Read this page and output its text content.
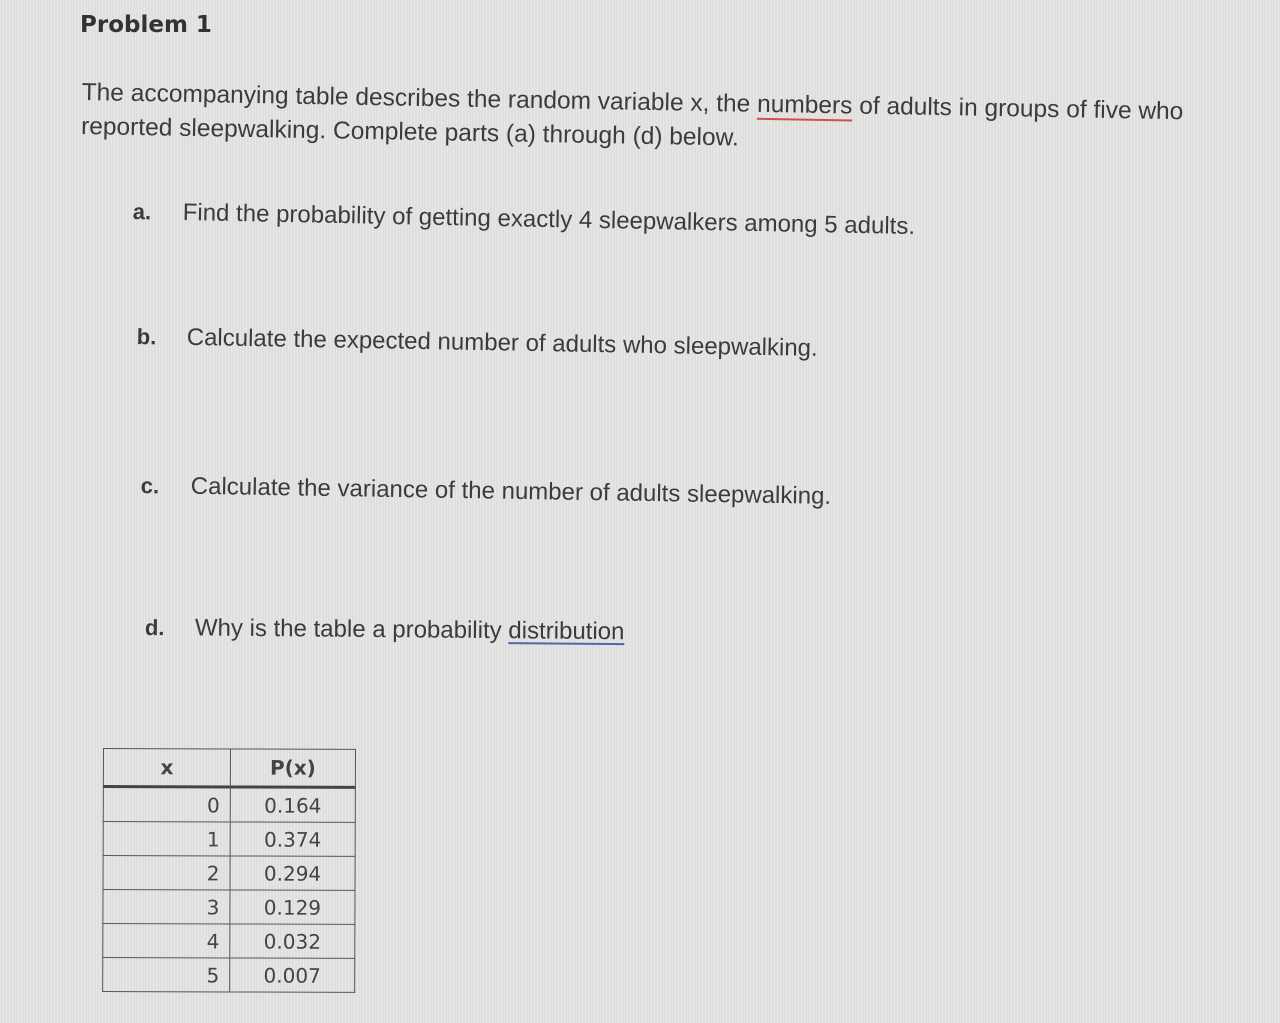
Problem 1
The accompanying table describes the random variable x, the numbers of adults in groups of five who reported sleepwalking. Complete parts (a) through (d) below.
a. Find the probability of getting exactly 4 sleepwalkers among 5 adults.
b. Calculate the expected number of adults who sleepwalking.
c. Calculate the variance of the number of adults sleepwalking.
d. Why is the table a probability distribution
x	P(x)
0	0.164
1	0.374
2	0.294
3	0.129
4	0.032
5	0.007
